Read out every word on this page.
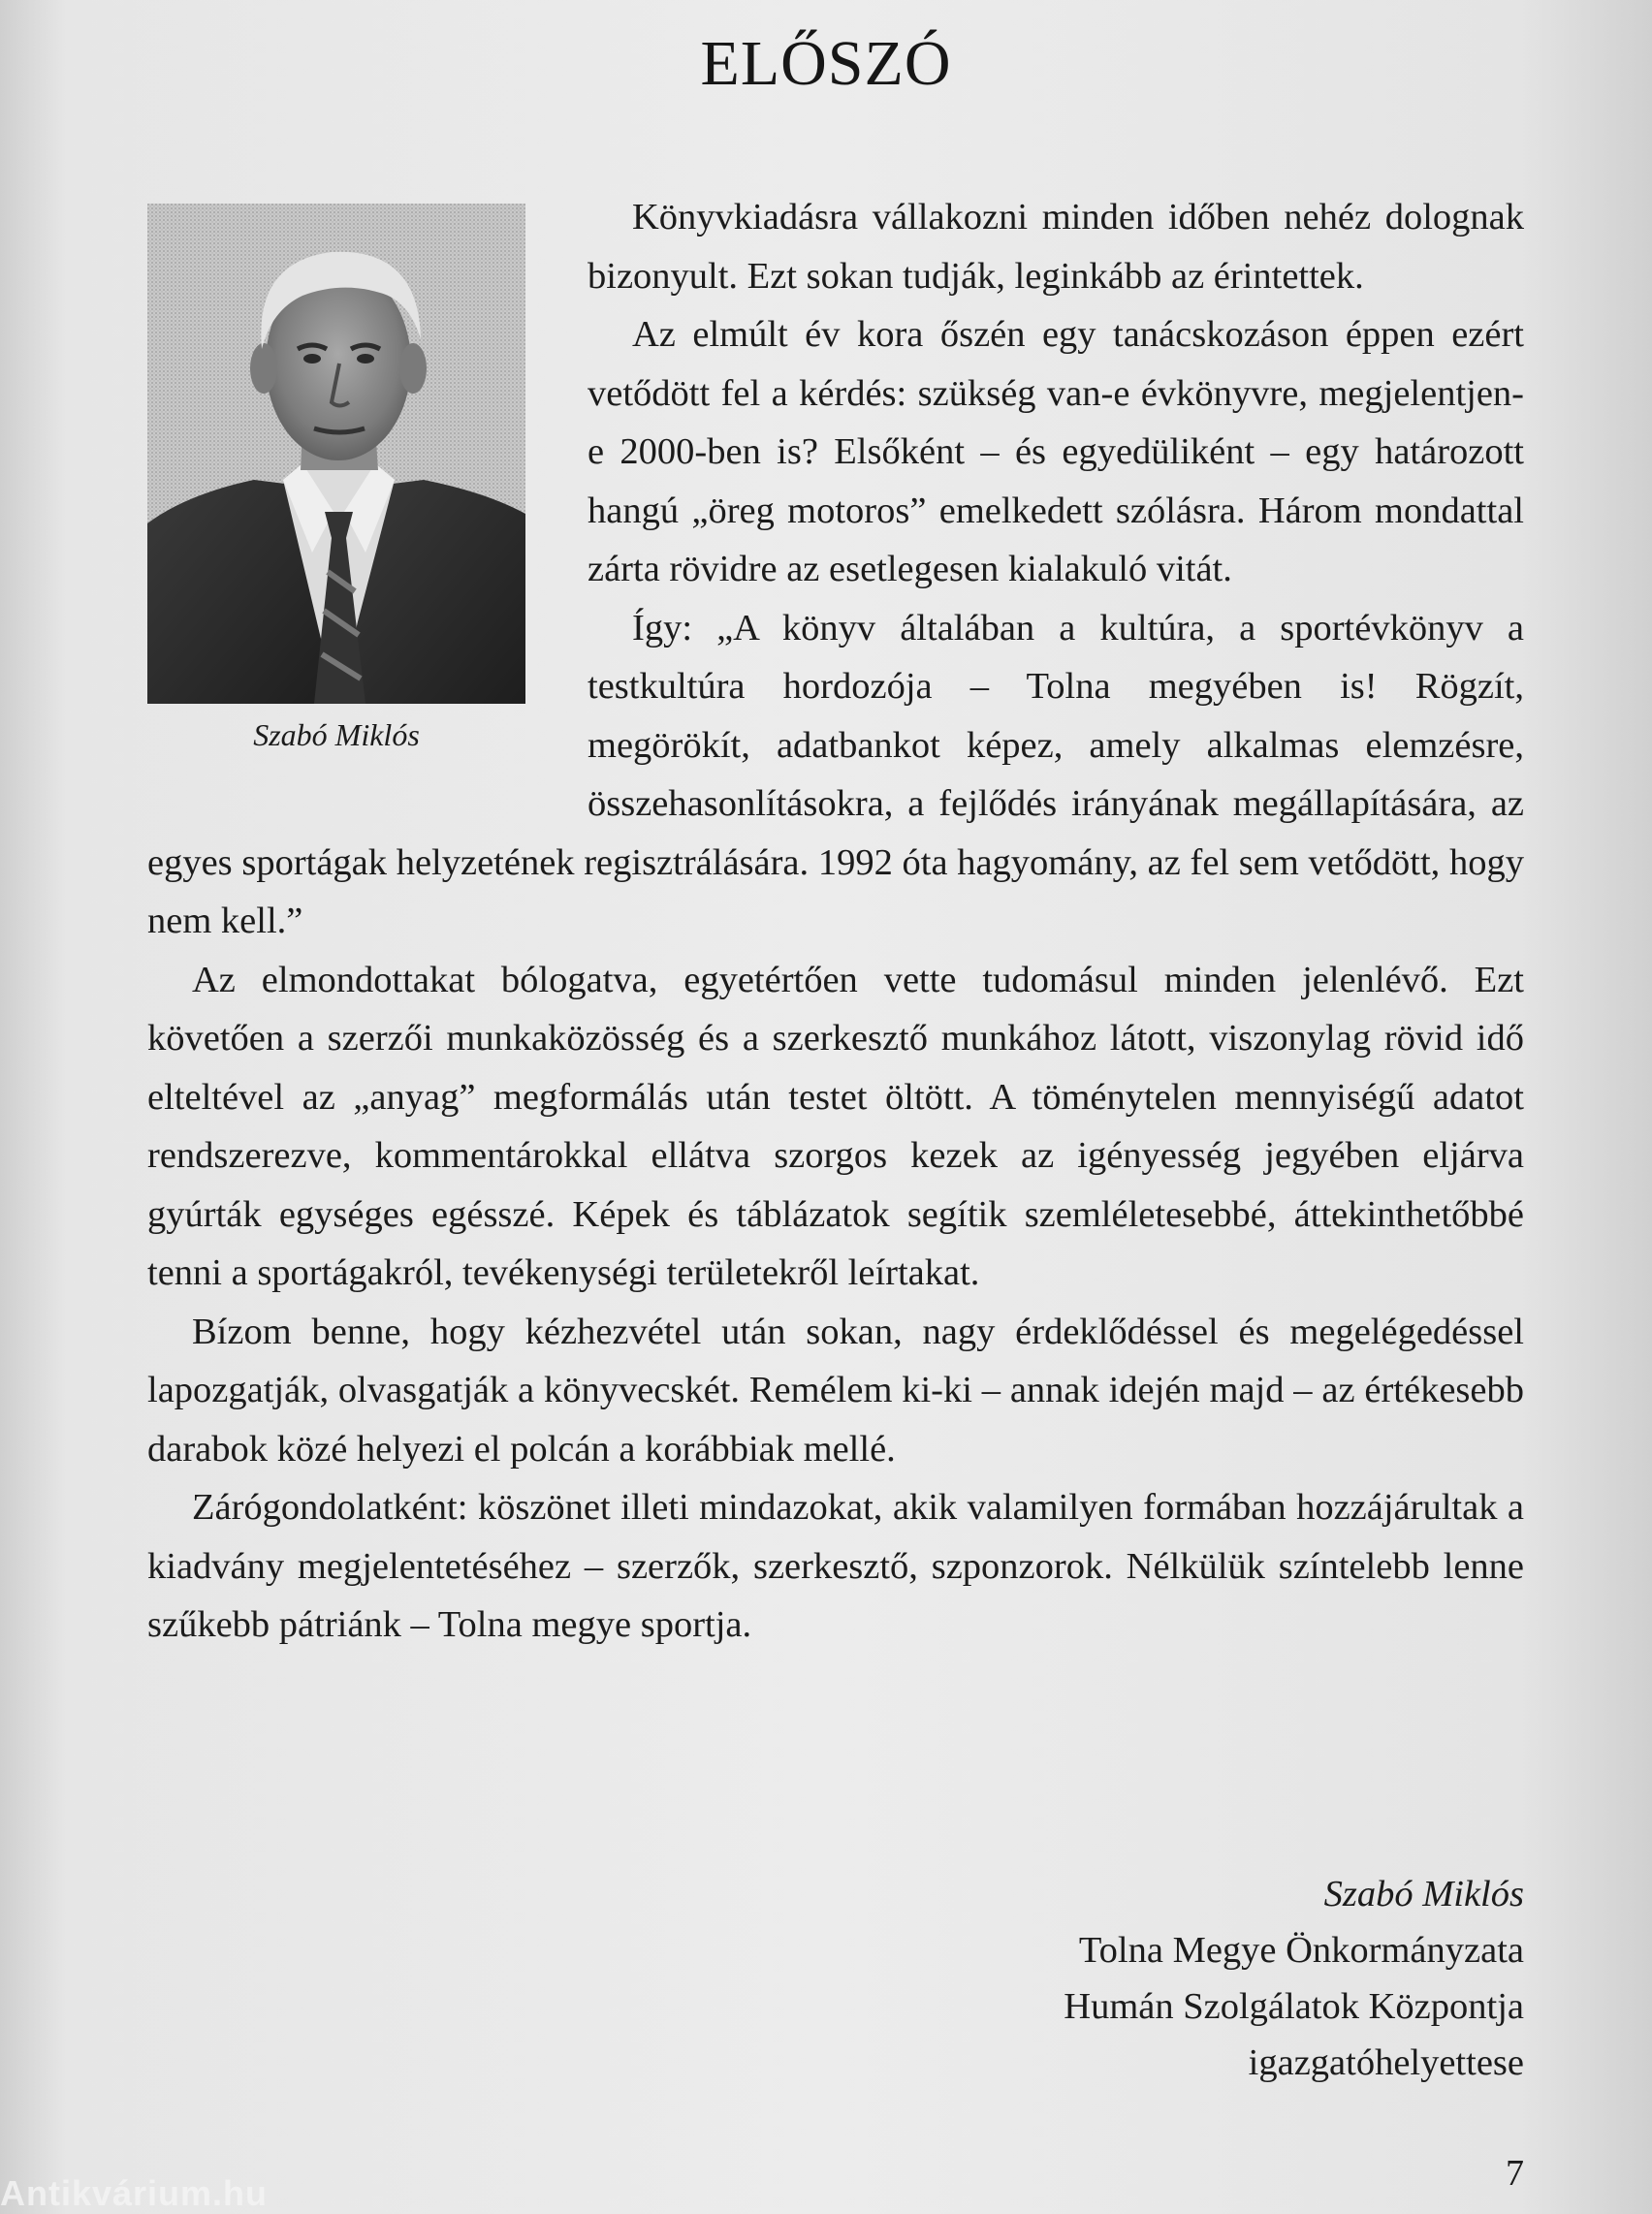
ELŐSZÓ
Szabó Miklós

Könyvkiadásra vállakozni minden időben nehéz dolognak bizonyult. Ezt sokan tudják, leginkább az érintettek.

Az elmúlt év kora őszén egy tanácskozáson éppen ezért vetődött fel a kérdés: szükség van-e évkönyvre, megjelentjen-e 2000-ben is? Elsőként – és egyedüliként – egy határozott hangú „öreg motoros” emelkedett szólásra. Három mondattal zárta rövidre az esetlegesen kialakuló vitát.

Így: „A könyv általában a kultúra, a sportévkönyv a testkultúra hordozója – Tolna megyében is! Rögzít, megörökít, adatbankot képez, amely alkalmas elemzésre, összehasonlításokra, a fejlődés irányának megállapítására, az egyes sportágak helyzetének regisztrálására. 1992 óta hagyomány, az fel sem vetődött, hogy nem kell.”

Az elmondottakat bólogatva, egyetértően vette tudomásul minden jelenlévő. Ezt követően a szerzői munkaközösség és a szerkesztő munkához látott, viszonylag rövid idő elteltével az „anyag” megformálás után testet öltött. A töménytelen mennyiségű adatot rendszerezve, kommentárokkal ellátva szorgos kezek az igényesség jegyében eljárva gyúrták egységes egésszé. Képek és táblázatok segítik szemléletesebbé, áttekinthetőbbé tenni a sportágakról, tevékenységi területekről leírtakat.

Bízom benne, hogy kézhezvétel után sokan, nagy érdeklődéssel és megelégedéssel lapozgatják, olvasgatják a könyvecskét. Remélem ki-ki – annak idején majd – az értékesebb darabok közé helyezi el polcán a korábbiak mellé.

Zárógondolatként: köszönet illeti mindazokat, akik valamilyen formában hozzájárultak a kiadvány megjelentetéséhez – szerzők, szerkesztő, szponzorok. Nélkülük színtelebb lenne szűkebb pátriánk – Tolna megye sportja.

Szabó Miklós
Tolna Megye Önkormányzata
Humán Szolgálatok Központja
igazgatóhelyettese
7
Antikvárium.hu
